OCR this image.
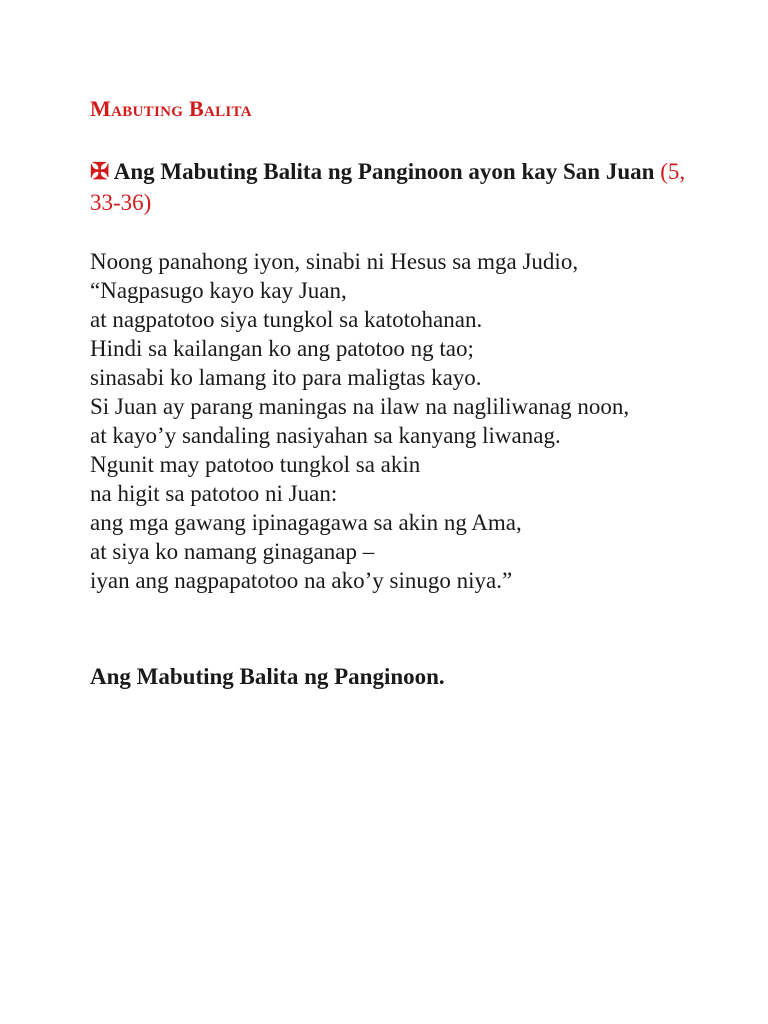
Mabuting Balita

✠ Ang Mabuting Balita ng Panginoon ayon kay San Juan (5, 33-36)

Noong panahong iyon, sinabi ni Hesus sa mga Judio,
“Nagpasugo kayo kay Juan,
at nagpatotoo siya tungkol sa katotohanan.
Hindi sa kailangan ko ang patotoo ng tao;
sinasabi ko lamang ito para maligtas kayo.
Si Juan ay parang maningas na ilaw na nagliliwanag noon,
at kayo’y sandaling nasiyahan sa kanyang liwanag.
Ngunit may patotoo tungkol sa akin
na higit sa patotoo ni Juan:
ang mga gawang ipinagagawa sa akin ng Ama,
at siya ko namang ginaganap –
iyan ang nagpapatotoo na ako’y sinugo niya.”

Ang Mabuting Balita ng Panginoon.
